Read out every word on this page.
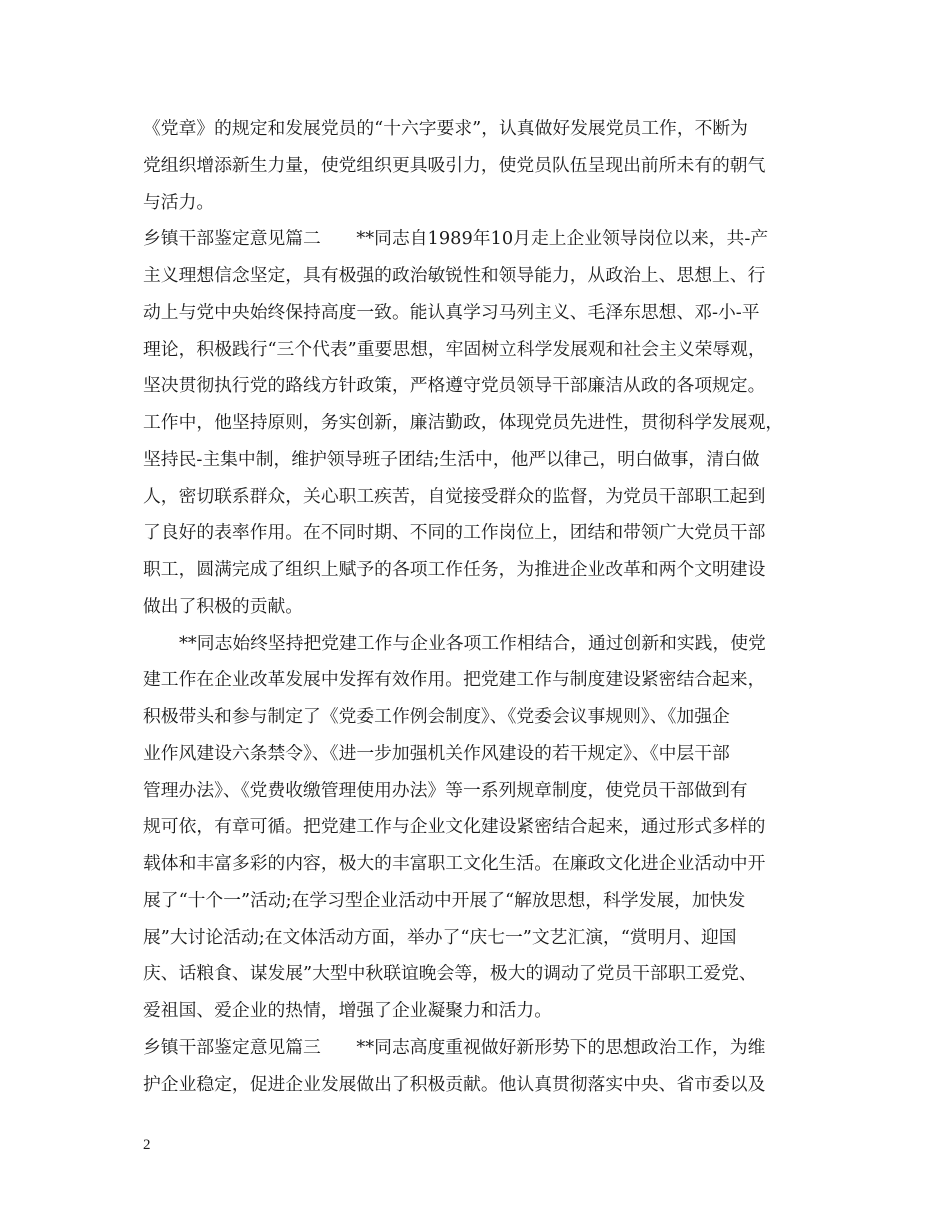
《党章》的规定和发展党员的“十六字要求”，认真做好发展党员工作，不断为
党组织增添新生力量，使党组织更具吸引力，使党员队伍呈现出前所未有的朝气
与活力。
乡镇干部鉴定意见篇二　　**同志自1989年10月走上企业领导岗位以来，共-产
主义理想信念坚定，具有极强的政治敏锐性和领导能力，从政治上、思想上、行
动上与党中央始终保持高度一致。能认真学习马列主义、毛泽东思想、邓-小-平
理论，积极践行“三个代表”重要思想，牢固树立科学发展观和社会主义荣辱观，
坚决贯彻执行党的路线方针政策，严格遵守党员领导干部廉洁从政的各项规定。
工作中，他坚持原则，务实创新，廉洁勤政，体现党员先进性，贯彻科学发展观，
坚持民-主集中制，维护领导班子团结;生活中，他严以律己，明白做事，清白做
人，密切联系群众，关心职工疾苦，自觉接受群众的监督，为党员干部职工起到
了良好的表率作用。在不同时期、不同的工作岗位上，团结和带领广大党员干部
职工，圆满完成了组织上赋予的各项工作任务，为推进企业改革和两个文明建设
做出了积极的贡献。
**同志始终坚持把党建工作与企业各项工作相结合，通过创新和实践，使党
建工作在企业改革发展中发挥有效作用。把党建工作与制度建设紧密结合起来，
积极带头和参与制定了《党委工作例会制度》、《党委会议事规则》、《加强企
业作风建设六条禁令》、《进一步加强机关作风建设的若干规定》、《中层干部
管理办法》、《党费收缴管理使用办法》等一系列规章制度，使党员干部做到有
规可依，有章可循。把党建工作与企业文化建设紧密结合起来，通过形式多样的
载体和丰富多彩的内容，极大的丰富职工文化生活。在廉政文化进企业活动中开
展了“十个一”活动;在学习型企业活动中开展了“解放思想，科学发展，加快发
展”大讨论活动;在文体活动方面，举办了“庆七一”文艺汇演，“赏明月、迎国
庆、话粮食、谋发展”大型中秋联谊晚会等，极大的调动了党员干部职工爱党、
爱祖国、爱企业的热情，增强了企业凝聚力和活力。
乡镇干部鉴定意见篇三　　**同志高度重视做好新形势下的思想政治工作，为维
护企业稳定，促进企业发展做出了积极贡献。他认真贯彻落实中央、省市委以及
2
